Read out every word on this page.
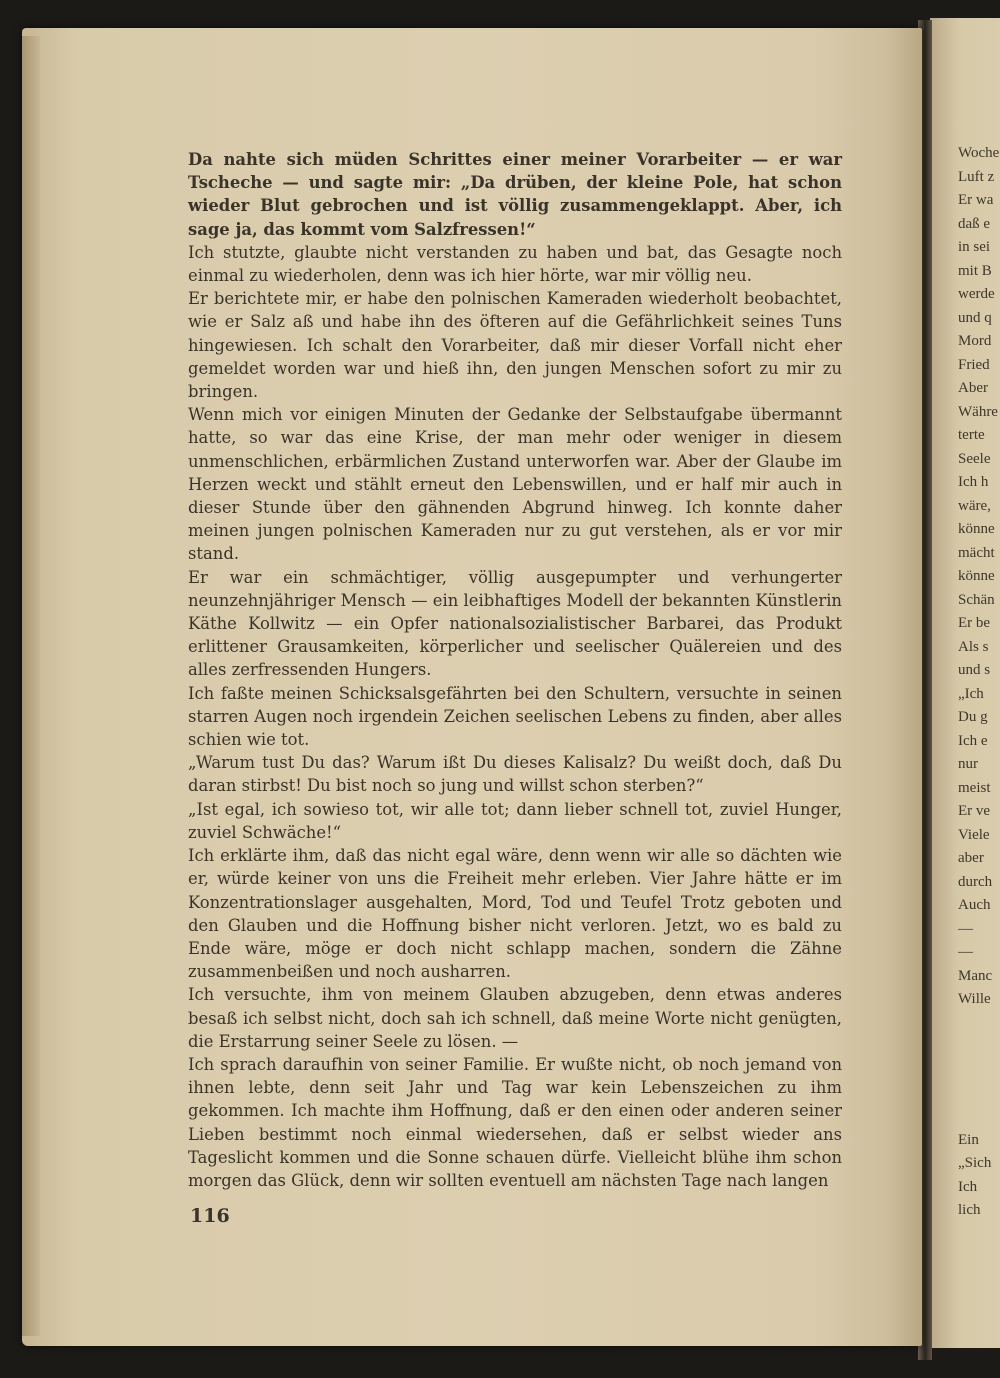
Woche
Luft z
Er wa
daß e
in sei
mit B
werde
und q
Mord
Fried
Aber
Währe
terte
Seele
Ich h
wäre,
könne
mächt
könne
Schän
Er be
Als s
und s
„Ich
Du g
Ich e
nur
meist
Er ve
Viele
aber
durch
Auch
—
—
Manc
Wille
Ein
„Sich
Ich
lich

Da nahte sich müden Schrittes einer meiner Vorarbeiter — er war Tscheche — und sagte mir: „Da drüben, der kleine Pole, hat schon wieder Blut gebrochen und ist völlig zusammengeklappt. Aber, ich sage ja, das kommt vom Salzfressen!“

Ich stutzte, glaubte nicht verstanden zu haben und bat, das Gesagte noch einmal zu wiederholen, denn was ich hier hörte, war mir völlig neu.

Er berichtete mir, er habe den polnischen Kameraden wiederholt beobachtet, wie er Salz aß und habe ihn des öfteren auf die Gefährlichkeit seines Tuns hingewiesen. Ich schalt den Vorarbeiter, daß mir dieser Vorfall nicht eher gemeldet worden war und hieß ihn, den jungen Menschen sofort zu mir zu bringen.

Wenn mich vor einigen Minuten der Gedanke der Selbstaufgabe übermannt hatte, so war das eine Krise, der man mehr oder weniger in diesem unmenschlichen, erbärmlichen Zustand unterworfen war. Aber der Glaube im Herzen weckt und stählt erneut den Lebenswillen, und er half mir auch in dieser Stunde über den gähnenden Abgrund hinweg. Ich konnte daher meinen jungen polnischen Kameraden nur zu gut verstehen, als er vor mir stand.

Er war ein schmächtiger, völlig ausgepumpter und verhungerter neunzehnjähriger Mensch — ein leibhaftiges Modell der bekannten Künstlerin Käthe Kollwitz — ein Opfer nationalsozialistischer Barbarei, das Produkt erlittener Grausamkeiten, körperlicher und seelischer Quälereien und des alles zerfressenden Hungers.

Ich faßte meinen Schicksalsgefährten bei den Schultern, versuchte in seinen starren Augen noch irgendein Zeichen seelischen Lebens zu finden, aber alles schien wie tot.

„Warum tust Du das? Warum ißt Du dieses Kalisalz? Du weißt doch, daß Du daran stirbst! Du bist noch so jung und willst schon sterben?“

„Ist egal, ich sowieso tot, wir alle tot; dann lieber schnell tot, zuviel Hunger, zuviel Schwäche!“

Ich erklärte ihm, daß das nicht egal wäre, denn wenn wir alle so dächten wie er, würde keiner von uns die Freiheit mehr erleben. Vier Jahre hätte er im Konzentrationslager ausgehalten, Mord, Tod und Teufel Trotz geboten und den Glauben und die Hoffnung bisher nicht verloren. Jetzt, wo es bald zu Ende wäre, möge er doch nicht schlapp machen, sondern die Zähne zusammenbeißen und noch ausharren.

Ich versuchte, ihm von meinem Glauben abzugeben, denn etwas anderes besaß ich selbst nicht, doch sah ich schnell, daß meine Worte nicht genügten, die Erstarrung seiner Seele zu lösen. —

Ich sprach daraufhin von seiner Familie. Er wußte nicht, ob noch jemand von ihnen lebte, denn seit Jahr und Tag war kein Lebenszeichen zu ihm gekommen. Ich machte ihm Hoffnung, daß er den einen oder anderen seiner Lieben bestimmt noch einmal wiedersehen, daß er selbst wieder ans Tageslicht kommen und die Sonne schauen dürfe. Vielleicht blühe ihm schon morgen das Glück, denn wir sollten eventuell am nächsten Tage nach langen

116
